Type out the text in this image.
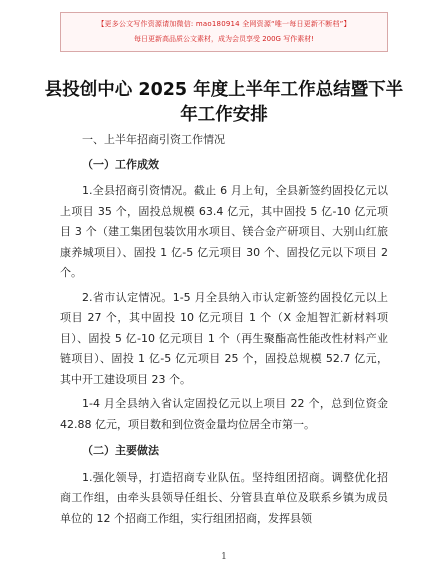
【更多公文写作资源请加微信: mao180914 全网资源“唯一每日更新不断档”】
每日更新高品质公文素材，成为会员享受 200G 写作素材!
县投创中心 2025 年度上半年工作总结暨下半年工作安排

一、上半年招商引资工作情况

（一）工作成效

1.全县招商引资情况。截止 6 月上旬，全县新签约固投亿元以上项目 35 个，固投总规模 63.4 亿元，其中固投 5 亿-10 亿元项目 3 个（建工集团包装饮用水项目、镁合金产研项目、大别山红旅康养城项目）、固投 1 亿-5 亿元项目 30 个、固投亿元以下项目 2 个。

2.省市认定情况。1-5 月全县纳入市认定新签约固投亿元以上项目 27 个，其中固投 10 亿元项目 1 个（X 金旭智汇新材料项目）、固投 5 亿-10 亿元项目 1 个（再生聚酯高性能改性材料产业链项目）、固投 1 亿-5 亿元项目 25 个，固投总规模 52.7 亿元，其中开工建设项目 23 个。

1-4 月全县纳入省认定固投亿元以上项目 22 个，总到位资金 42.88 亿元，项目数和到位资金量均位居全市第一。

（二）主要做法

1.强化领导，打造招商专业队伍。坚持组团招商。调整优化招商工作组，由牵头县领导任组长、分管县直单位及联系乡镇为成员单位的 12 个招商工作组，实行组团招商，发挥县领

1
